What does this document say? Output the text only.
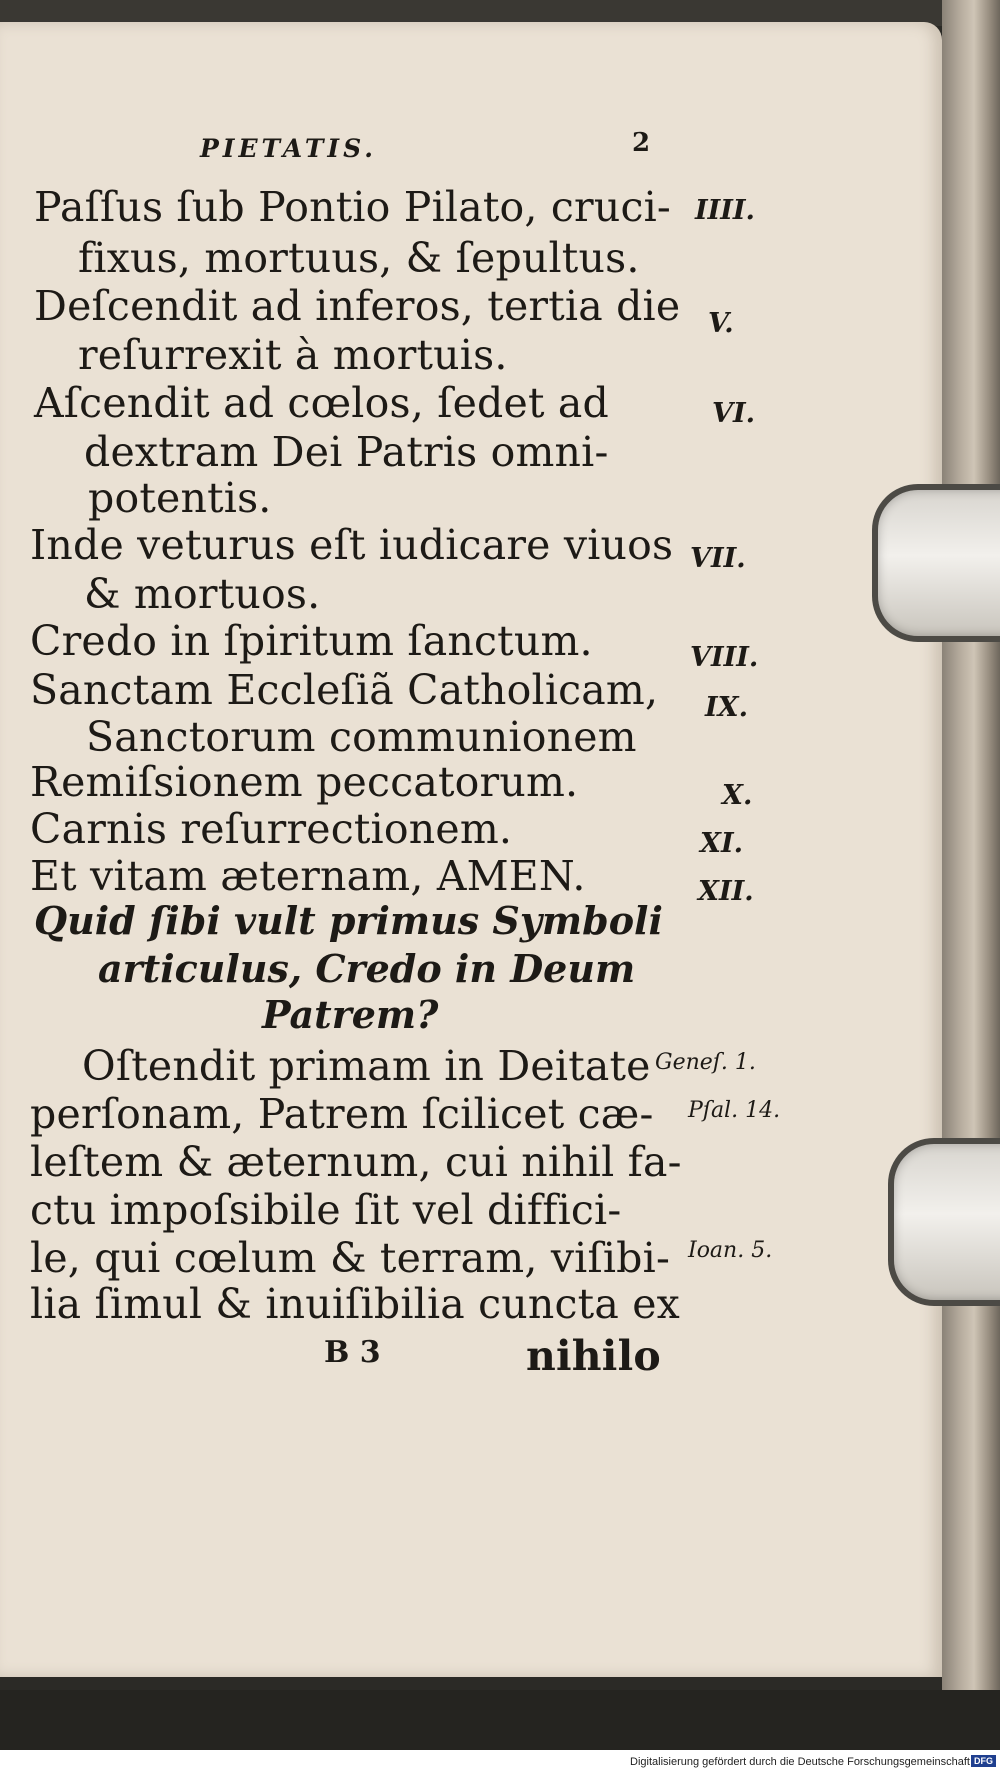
PIETATIS.	2
Paſſus ſub Pontio Pilato, cruci- IIII.
fixus, mortuus, & ſepultus.
Deſcendit ad inferos, tertia die V.
reſurrexit à mortuis.
Aſcendit ad cœlos, ſedet ad	VI.
dextram Dei Patris omni-
potentis.
Inde veturus eſt iudicare viuos VII.
& mortuos.
Credo in ſpiritum ſanctum.	VIII.
Sanctam Eccleſiã Catholicam, IX.
Sanctorum communionem
Remiſsionem peccatorum.	X.
Carnis reſurrectionem.	XI.
Et vitam æternam, AMEN.	XII.
Quid ſibi vult primus Symboli
articulus, Credo in Deum
Patrem?
Oſtendit primam in Deitate Geneſ. 1.
perſonam, Patrem ſcilicet cæ- Pſal. 14.
leſtem & æternum, cui nihil fa-
ctu impoſsibile ſit vel diffici-
le, qui cœlum & terram, viſibi- Ioan. 5.
lia ſimul & inuiſibilia cuncta ex
B 3	nihilo
Digitalisierung gefördert durch die Deutsche Forschungsgemeinschaft DFG
